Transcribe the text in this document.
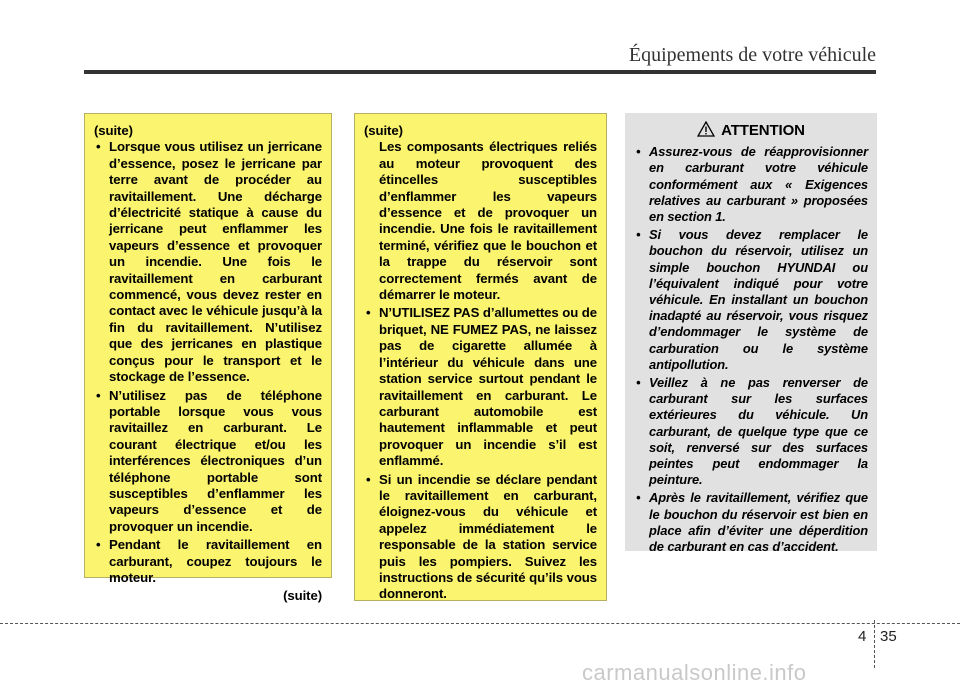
Équipements de votre véhicule
(suite)
• Lorsque vous utilisez un jerricane d’essence, posez le jerricane par terre avant de procéder au ravitaillement. Une décharge d’électricité statique à cause du jerricane peut enflammer les vapeurs d’essence et provoquer un incendie. Une fois le ravitaillement en carburant commencé, vous devez rester en contact avec le véhicule jusqu’à la fin du ravitaillement. N’utilisez que des jerricanes en plastique conçus pour le transport et le stockage de l’essence.
• N’utilisez pas de téléphone portable lorsque vous vous ravitaillez en carburant. Le courant électrique et/ou les interférences électroniques d’un téléphone portable sont susceptibles d’enflammer les vapeurs d’essence et de provoquer un incendie.
• Pendant le ravitaillement en carburant, coupez toujours le moteur.
(suite)
(suite)
Les composants électriques reliés au moteur provoquent des étincelles susceptibles d’enflammer les vapeurs d’essence et de provoquer un incendie. Une fois le ravitaillement terminé, vérifiez que le bouchon et la trappe du réservoir sont correctement fermés avant de démarrer le moteur.
• N’UTILISEZ PAS d’allumettes ou de briquet, NE FUMEZ PAS, ne laissez pas de cigarette allumée à l’intérieur du véhicule dans une station service surtout pendant le ravitaillement en carburant. Le carburant automobile est hautement inflammable et peut provoquer un incendie s’il est enflammé.
• Si un incendie se déclare pendant le ravitaillement en carburant, éloignez-vous du véhicule et appelez immédiatement le responsable de la station service puis les pompiers. Suivez les instructions de sécurité qu’ils vous donneront.
ATTENTION
• Assurez-vous de réapprovisionner en carburant votre véhicule conformément aux « Exigences relatives au carburant » proposées en section 1.
• Si vous devez remplacer le bouchon du réservoir, utilisez un simple bouchon HYUNDAI ou l’équivalent indiqué pour votre véhicule. En installant un bouchon inadapté au réservoir, vous risquez d’endommager le système de carburation ou le système antipollution.
• Veillez à ne pas renverser de carburant sur les surfaces extérieures du véhicule. Un carburant, de quelque type que ce soit, renversé sur des surfaces peintes peut endommager la peinture.
• Après le ravitaillement, vérifiez que le bouchon du réservoir est bien en place afin d’éviter une déperdition de carburant en cas d’accident.
4 35
carmanualsonline.info
